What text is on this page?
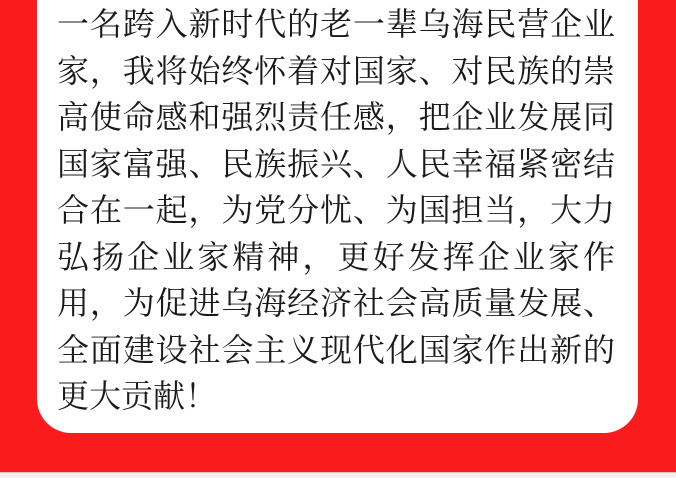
一名跨入新时代的老一辈乌海民营企业
家，我将始终怀着对国家、对民族的崇
高使命感和强烈责任感，把企业发展同
国家富强、民族振兴、人民幸福紧密结
合在一起，为党分忧、为国担当，大力
弘扬企业家精神，更好发挥企业家作
用，为促进乌海经济社会高质量发展、
全面建设社会主义现代化国家作出新的
更大贡献！
